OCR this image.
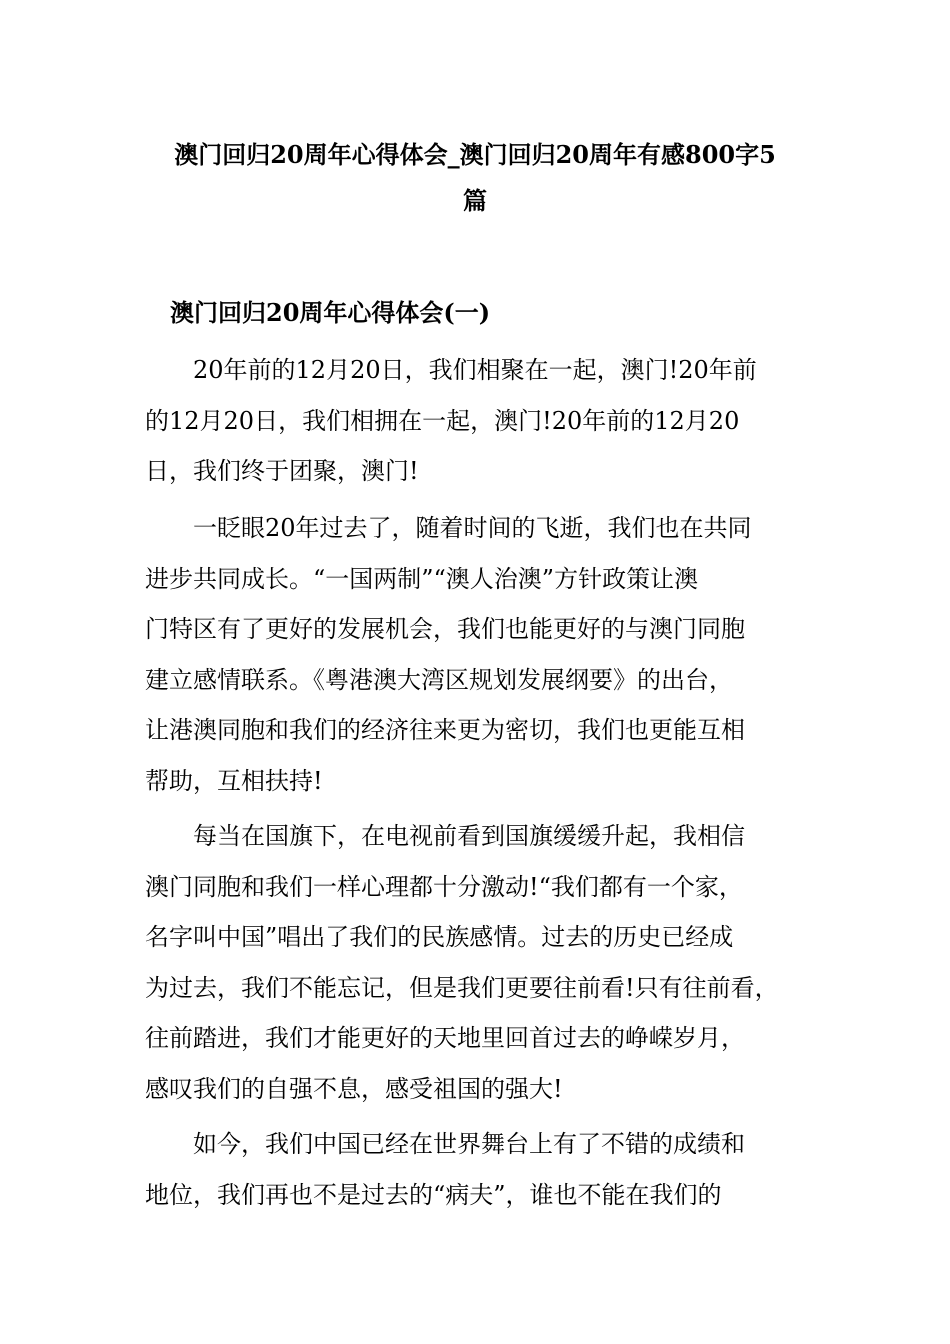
澳门回归20周年心得体会_澳门回归20周年有感800字5
篇
澳门回归20周年心得体会(一)

20年前的12月20日，我们相聚在一起，澳门!20年前
的12月20日，我们相拥在一起，澳门!20年前的12月20
日，我们终于团聚，澳门!

一眨眼20年过去了，随着时间的飞逝，我们也在共同
进步共同成长。“一国两制”“澳人治澳”方针政策让澳
门特区有了更好的发展机会，我们也能更好的与澳门同胞
建立感情联系。《粤港澳大湾区规划发展纲要》的出台，
让港澳同胞和我们的经济往来更为密切，我们也更能互相
帮助，互相扶持!

每当在国旗下，在电视前看到国旗缓缓升起，我相信
澳门同胞和我们一样心理都十分激动!“我们都有一个家，
名字叫中国”唱出了我们的民族感情。过去的历史已经成
为过去，我们不能忘记，但是我们更要往前看!只有往前看，
往前踏进，我们才能更好的天地里回首过去的峥嵘岁月，
感叹我们的自强不息，感受祖国的强大!

如今，我们中国已经在世界舞台上有了不错的成绩和
地位，我们再也不是过去的“病夫”，谁也不能在我们的
